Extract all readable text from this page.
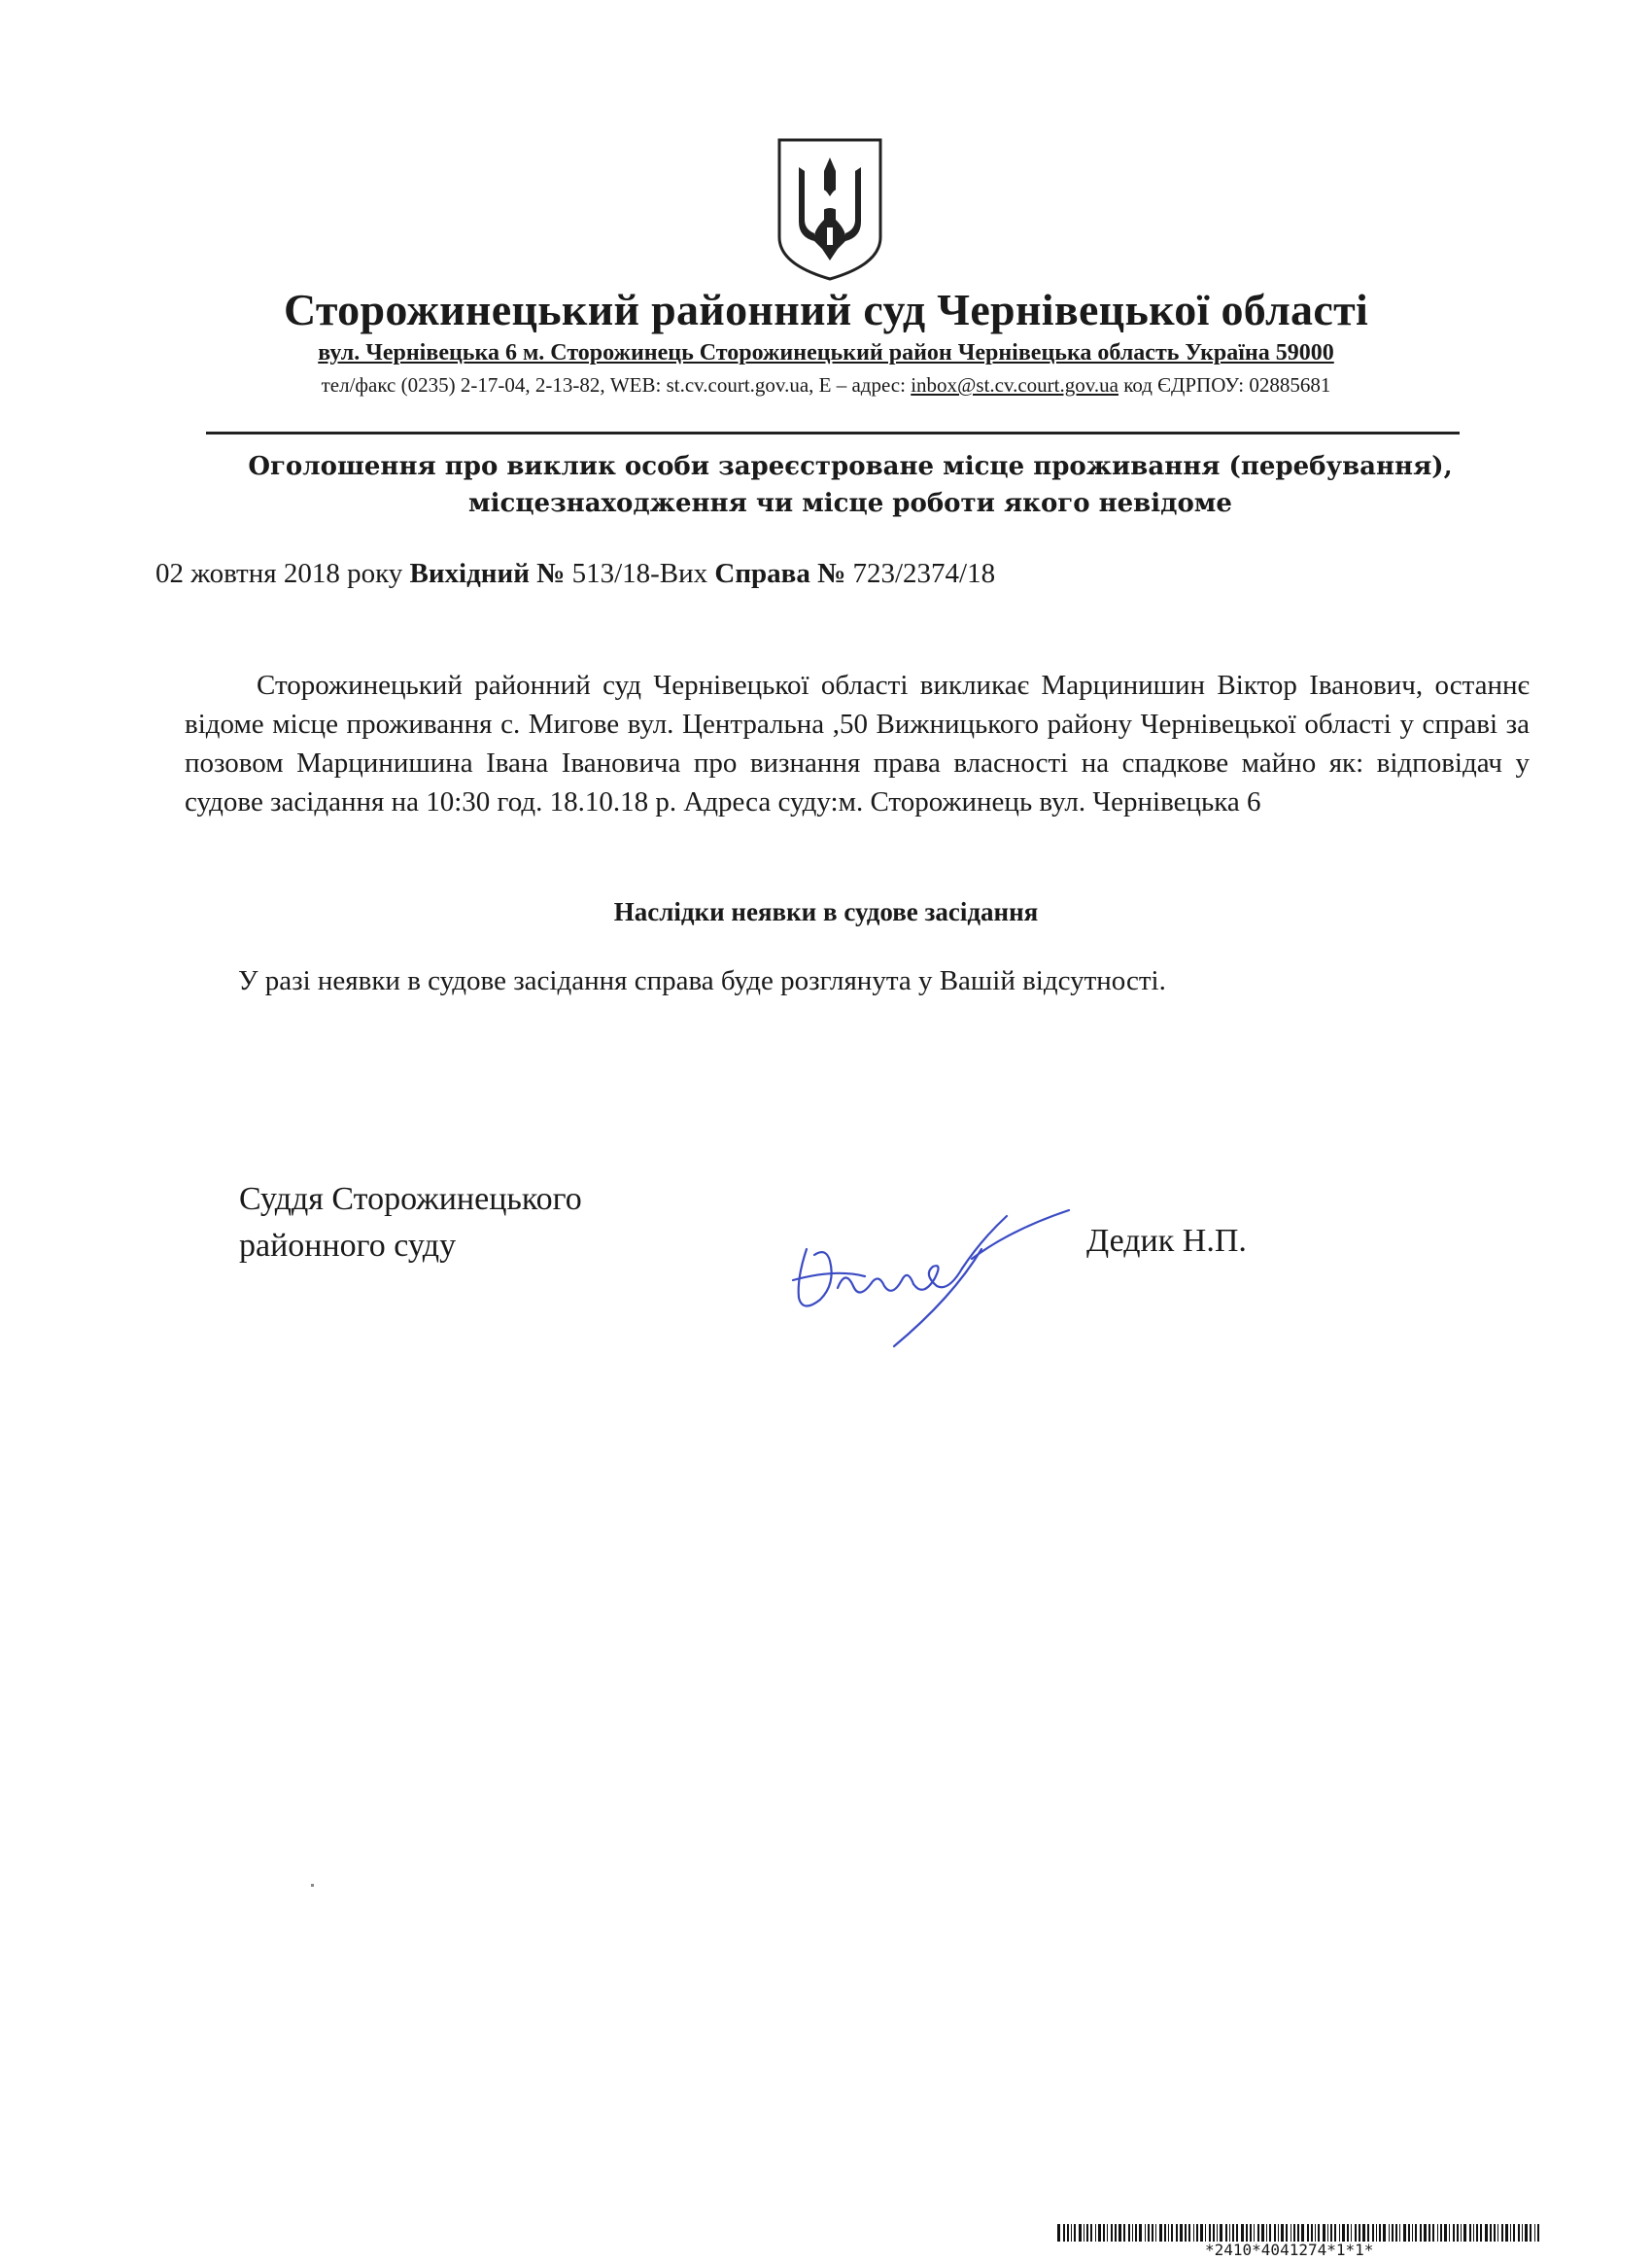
Сторожинецький районний суд Чернівецької області
вул. Чернівецька 6 м. Сторожинець Сторожинецький район Чернівецька область Україна 59000
тел/факс (0235) 2-17-04, 2-13-82, WEB: st.cv.court.gov.ua, E – адрес: inbox@st.cv.court.gov.ua код ЄДРПОУ: 02885681
Оголошення про виклик особи зареєстроване місце проживання (перебування),
місцезнаходження чи місце роботи якого невідоме
02 жовтня 2018 року Вихідний № 513/18-Вих Справа № 723/2374/18
Сторожинецький районний суд Чернівецької області викликає Марцинишин Віктор Іванович, останнє відоме місце проживання с. Мигове вул. Центральна ,50 Вижницького району Чернівецької області у справі за позовом Марцинишина Івана Івановича про визнання права власності на спадкове майно як: відповідач у судове засідання на 10:30 год. 18.10.18 р. Адреса суду:м. Сторожинець вул. Чернівецька 6
Наслідки неявки в судове засідання
У разі неявки в судове засідання справа буде розглянута у Вашій відсутності.
Суддя Сторожинецького
районного суду	Дедик Н.П.
*2410*4041274*1*1*
